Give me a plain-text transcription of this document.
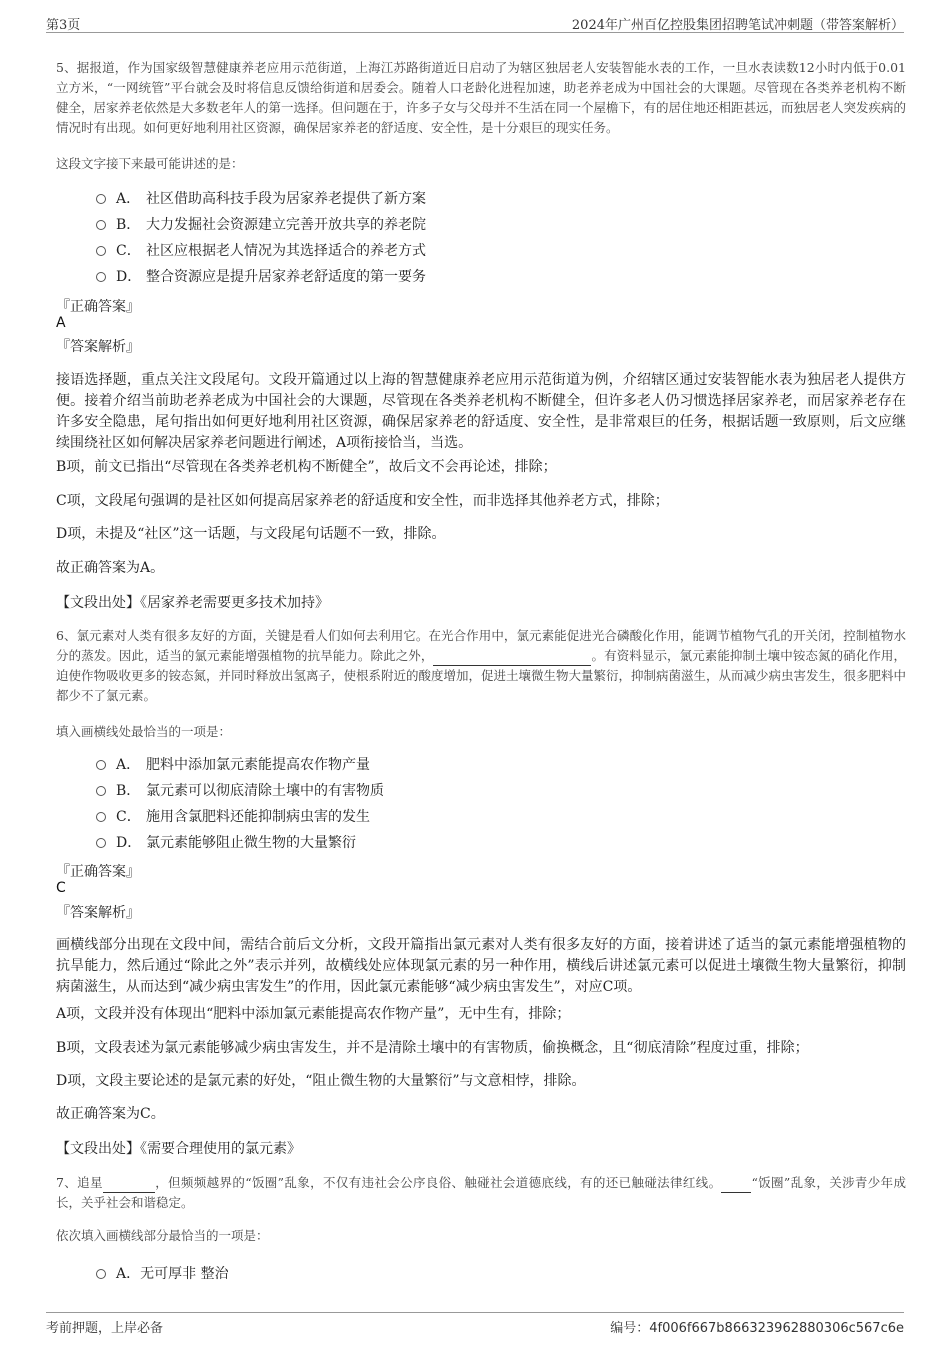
第3页	2024年广州百亿控股集团招聘笔试冲刺题（带答案解析）
5、据报道，作为国家级智慧健康养老应用示范街道，上海江苏路街道近日启动了为辖区独居老人安装智能水表的工作，一旦水表读数12小时内低于0.01立方米，“一网统管”平台就会及时将信息反馈给街道和居委会。随着人口老龄化进程加速，助老养老成为中国社会的大课题。尽管现在各类养老机构不断健全，居家养老依然是大多数老年人的第一选择。但问题在于，许多子女与父母并不生活在同一个屋檐下，有的居住地还相距甚远，而独居老人突发疾病的情况时有出现。如何更好地利用社区资源，确保居家养老的舒适度、安全性，是十分艰巨的现实任务。
这段文字接下来最可能讲述的是：
A． 社区借助高科技手段为居家养老提供了新方案
B． 大力发掘社会资源建立完善开放共享的养老院
C． 社区应根据老人情况为其选择适合的养老方式
D． 整合资源应是提升居家养老舒适度的第一要务
『正确答案』
A
『答案解析』
接语选择题，重点关注文段尾句。文段开篇通过以上海的智慧健康养老应用示范街道为例，介绍辖区通过安装智能水表为独居老人提供方便。接着介绍当前助老养老成为中国社会的大课题，尽管现在各类养老机构不断健全，但许多老人仍习惯选择居家养老，而居家养老存在许多安全隐患，尾句指出如何更好地利用社区资源，确保居家养老的舒适度、安全性，是非常艰巨的任务，根据话题一致原则，后文应继续围绕社区如何解决居家养老问题进行阐述，A项衔接恰当，当选。
B项，前文已指出“尽管现在各类养老机构不断健全”，故后文不会再论述，排除；
C项，文段尾句强调的是社区如何提高居家养老的舒适度和安全性，而非选择其他养老方式，排除；
D项，未提及“社区”这一话题，与文段尾句话题不一致，排除。
故正确答案为A。
【文段出处】《居家养老需要更多技术加持》
6、氯元素对人类有很多友好的方面，关键是看人们如何去利用它。在光合作用中，氯元素能促进光合磷酸化作用，能调节植物气孔的开关闭，控制植物水分的蒸发。因此，适当的氯元素能增强植物的抗旱能力。除此之外，	。有资料显示，氯元素能抑制土壤中铵态氮的硝化作用，迫使作物吸收更多的铵态氮，并同时释放出氢离子，使根系附近的酸度增加，促进土壤微生物大量繁衍，抑制病菌滋生，从而减少病虫害发生，很多肥料中都少不了氯元素。
填入画横线处最恰当的一项是：
A． 肥料中添加氯元素能提高农作物产量
B． 氯元素可以彻底清除土壤中的有害物质
C． 施用含氯肥料还能抑制病虫害的发生
D． 氯元素能够阻止微生物的大量繁衍
『正确答案』
C
『答案解析』
画横线部分出现在文段中间，需结合前后文分析，文段开篇指出氯元素对人类有很多友好的方面，接着讲述了适当的氯元素能增强植物的抗旱能力，然后通过“除此之外”表示并列，故横线处应体现氯元素的另一种作用，横线后讲述氯元素可以促进土壤微生物大量繁衍，抑制病菌滋生，从而达到“减少病虫害发生”的作用，因此氯元素能够“减少病虫害发生”，对应C项。
A项，文段并没有体现出“肥料中添加氯元素能提高农作物产量”，无中生有，排除；
B项，文段表述为氯元素能够减少病虫害发生，并不是清除土壤中的有害物质，偷换概念，且“彻底清除”程度过重，排除；
D项，文段主要论述的是氯元素的好处，“阻止微生物的大量繁衍”与文意相悖，排除。
故正确答案为C。
【文段出处】《需要合理使用的氯元素》
7、追星	，但频频越界的“饭圈”乱象，不仅有违社会公序良俗、触碰社会道德底线，有的还已触碰法律红线。 “饭圈”乱象，关涉青少年成长，关乎社会和谐稳定。
依次填入画横线部分最恰当的一项是：
A．无可厚非 整治
考前押题，上岸必备	编号：4f006f667b866323962880306c567c6e
